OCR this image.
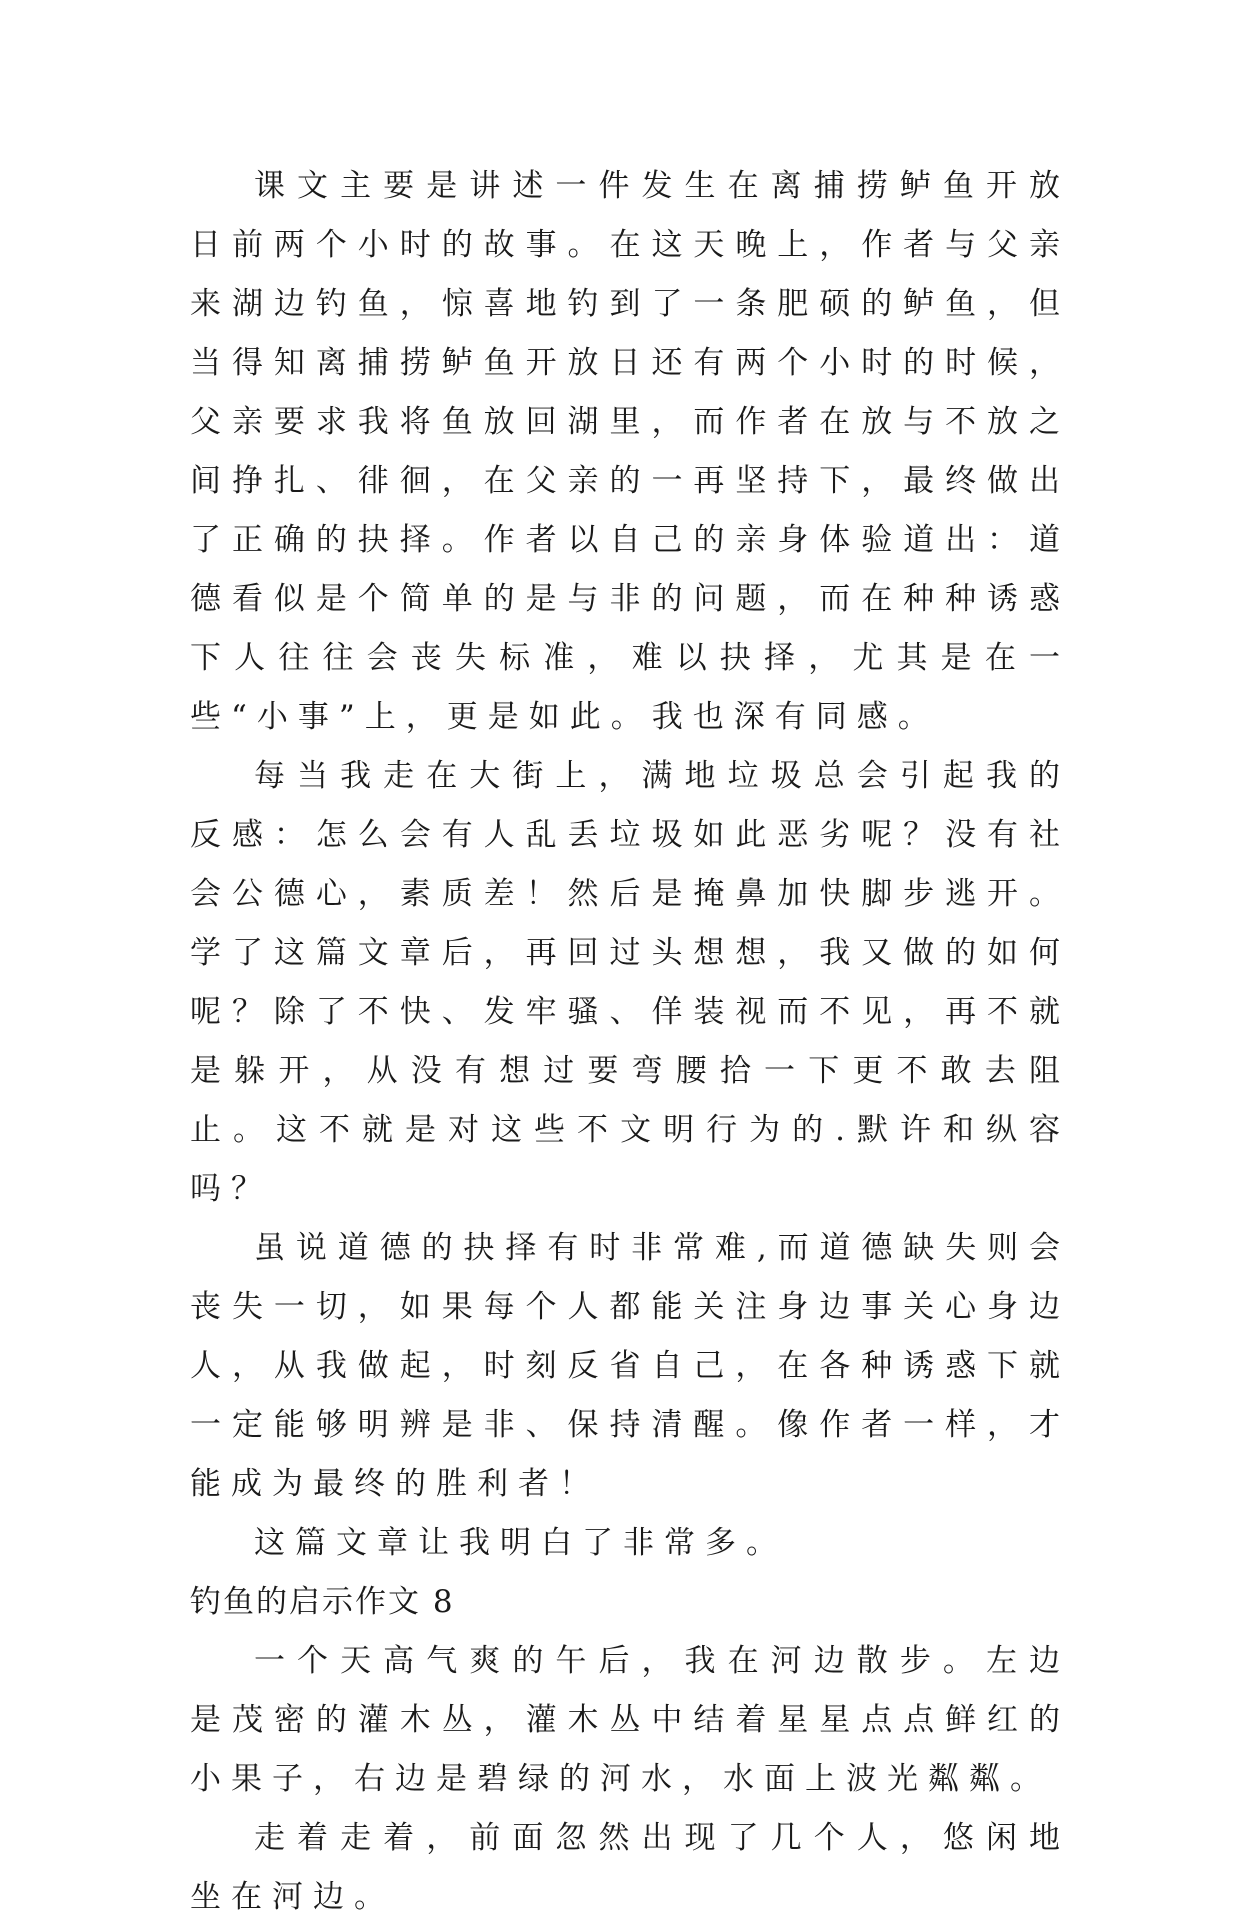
课文主要是讲述一件发生在离捕捞鲈鱼开放日前两个小时的故事。在这天晚上，作者与父亲来湖边钓鱼，惊喜地钓到了一条肥硕的鲈鱼，但当得知离捕捞鲈鱼开放日还有两个小时的时候，父亲要求我将鱼放回湖里，而作者在放与不放之间挣扎、徘徊，在父亲的一再坚持下，最终做出了正确的抉择。作者以自己的亲身体验道出：道德看似是个简单的是与非的问题，而在种种诱惑下人往往会丧失标准，难以抉择，尤其是在一些“小事”上，更是如此。我也深有同感。

每当我走在大街上，满地垃圾总会引起我的反感：怎么会有人乱丢垃圾如此恶劣呢？没有社会公德心，素质差！然后是掩鼻加快脚步逃开。学了这篇文章后，再回过头想想，我又做的如何呢？除了不快、发牢骚、佯装视而不见，再不就是躲开，从没有想过要弯腰拾一下更不敢去阻止。这不就是对这些不文明行为的.默许和纵容吗？

虽说道德的抉择有时非常难,而道德缺失则会丧失一切，如果每个人都能关注身边事关心身边人，从我做起，时刻反省自己，在各种诱惑下就一定能够明辨是非、保持清醒。像作者一样，才能成为最终的胜利者！

这篇文章让我明白了非常多。

钓鱼的启示作文 8

一个天高气爽的午后，我在河边散步。左边是茂密的灌木丛，灌木丛中结着星星点点鲜红的小果子，右边是碧绿的河水，水面上波光粼粼。

走着走着，前面忽然出现了几个人，悠闲地坐在河边。
